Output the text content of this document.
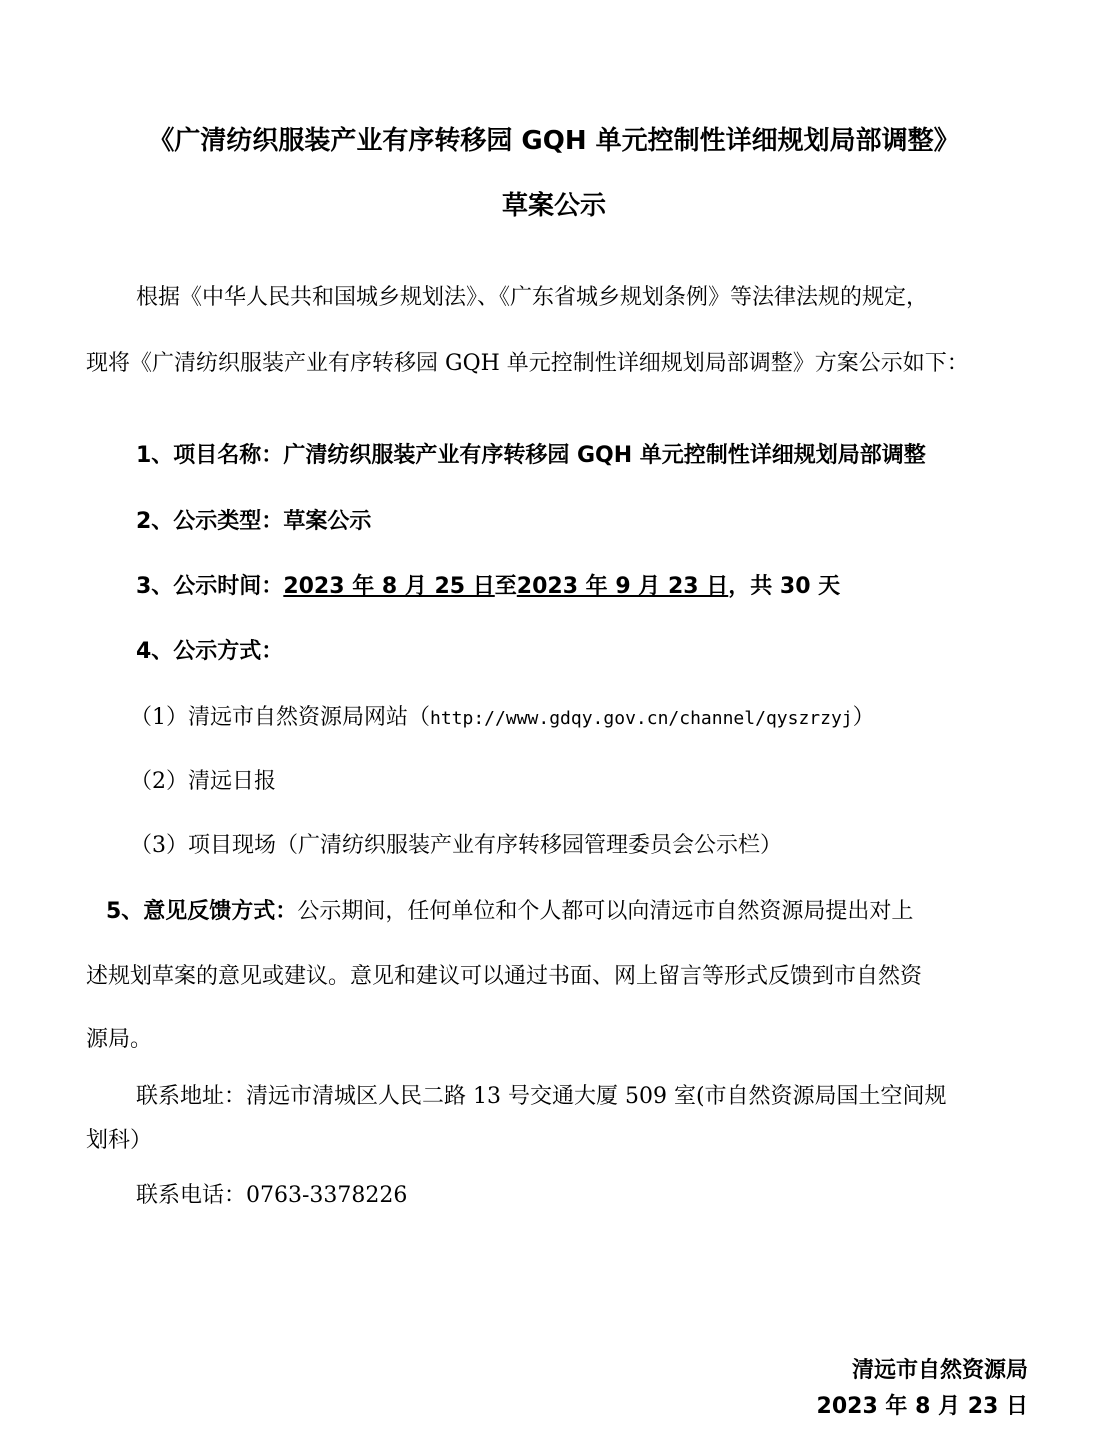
《广清纺织服装产业有序转移园 GQH 单元控制性详细规划局部调整》
草案公示
根据《中华人民共和国城乡规划法》、《广东省城乡规划条例》等法律法规的规定，
现将《广清纺织服装产业有序转移园 GQH 单元控制性详细规划局部调整》方案公示如下：
1、项目名称：广清纺织服装产业有序转移园 GQH 单元控制性详细规划局部调整
2、公示类型：草案公示
3、公示时间：2023 年 8 月 25 日至2023 年 9 月 23 日，共 30 天
4、公示方式：
（1）清远市自然资源局网站（http://www.gdqy.gov.cn/channel/qyszrzyj）
（2）清远日报
（3）项目现场（广清纺织服装产业有序转移园管理委员会公示栏）
5、意见反馈方式：公示期间，任何单位和个人都可以向清远市自然资源局提出对上
述规划草案的意见或建议。意见和建议可以通过书面、网上留言等形式反馈到市自然资
源局。
联系地址：清远市清城区人民二路 13 号交通大厦 509 室(市自然资源局国土空间规
划科）
联系电话：0763-3378226
清远市自然资源局
2023 年 8 月 23 日
